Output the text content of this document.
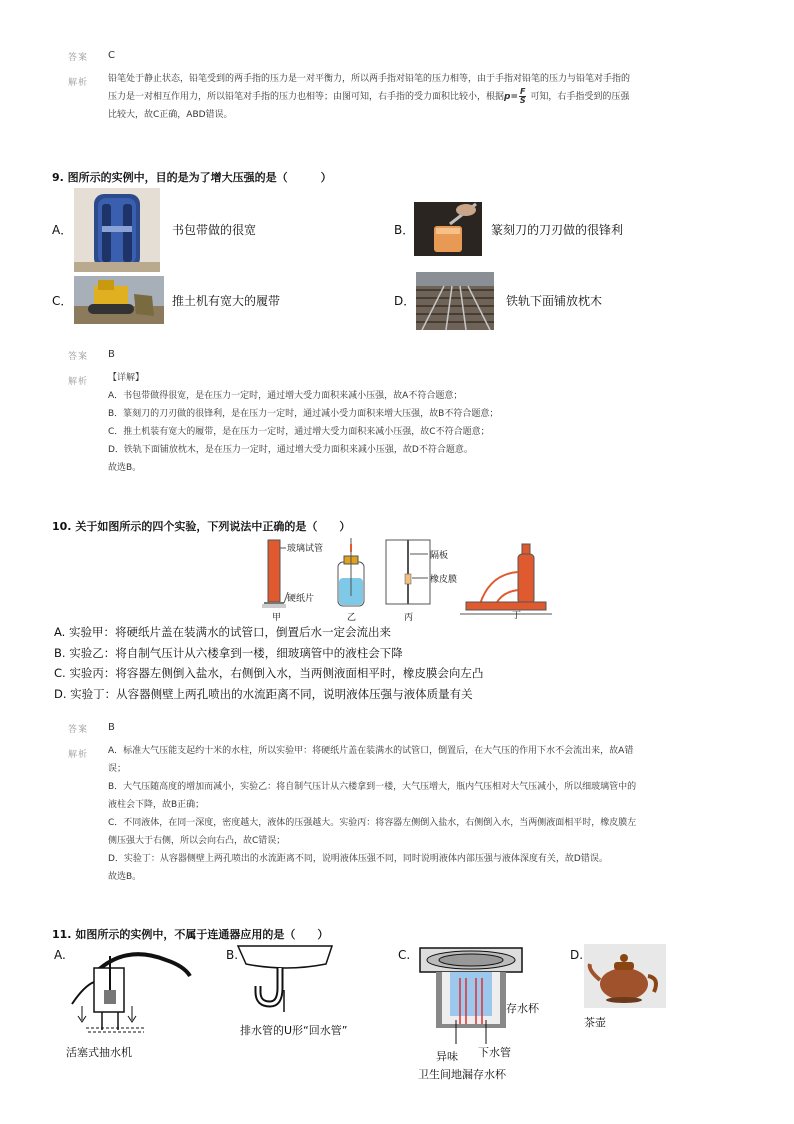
答案 C
解析 铅笔处于静止状态，铅笔受到的两手指的压力是一对平衡力，所以两手指对铅笔的压力相等，由于手指对铅笔的压力与铅笔对手指的

压力是一对相互作用力，所以铅笔对手指的压力也相等；由图可知，右手指的受力面积比较小，根据$p= \frac{F}{S}$ 可知，右手指受到的压强

比较大，故C正确，ABD错误。

9. 图所示的实例中，目的是为了增大压强的是（　　　）
A．	书包带做的很宽	B．	篆刻刀的刀刃做的很锋利
C．	推土机有宽大的履带	D．	铁轨下面铺放枕木
答案 B
解析 【详解】

A．书包带做得很宽，是在压力一定时，通过增大受力面积来减小压强，故A不符合题意；

B．篆刻刀的刀刃做的很锋利，是在压力一定时，通过减小受力面积来增大压强，故B不符合题意；

C．推土机装有宽大的履带，是在压力一定时，通过增大受力面积来减小压强，故C不符合题意；

D．铁轨下面铺放枕木，是在压力一定时，通过增大受力面积来减小压强，故D不符合题意。

故选B。

10. 关于如图所示的四个实验，下列说法中正确的是（　　）
玻璃试管
硬纸片
隔板
橡皮膜
甲	乙	丙	丁

A. 实验甲：将硬纸片盖在装满水的试管口，倒置后水一定会流出来

B. 实验乙：将自制气压计从六楼拿到一楼，细玻璃管中的液柱会下降

C. 实验丙：将容器左侧倒入盐水，右侧倒入水，当两侧液面相平时，橡皮膜会向左凸

D. 实验丁：从容器侧壁上两孔喷出的水流距离不同，说明液体压强与液体质量有关

答案 B
解析 A．标准大气压能支起约十米的水柱，所以实验甲：将硬纸片盖在装满水的试管口，倒置后，在大气压的作用下水不会流出来，故A错

误；

B．大气压随高度的增加而减小，实验乙：将自制气压计从六楼拿到一楼，大气压增大，瓶内气压相对大气压减小，所以细玻璃管中的

液柱会下降，故B正确；

C．不同液体，在同一深度，密度越大，液体的压强越大。实验丙：将容器左侧倒入盐水，右侧倒入水，当两侧液面相平时，橡皮膜左

侧压强大于右侧，所以会向右凸，故C错误；

D．实验丁：从容器侧壁上两孔喷出的水流距离不同，说明液体压强不同，同时说明液体内部压强与液体深度有关，故D错误。

故选B。

11. 如图所示的实例中，不属于连通器应用的是（　　）
A.
活塞式抽水机
B.
排水管的U形“回水管”
C.
存水杯
异味 下水管
卫生间地漏存水杯
D.
茶壶
